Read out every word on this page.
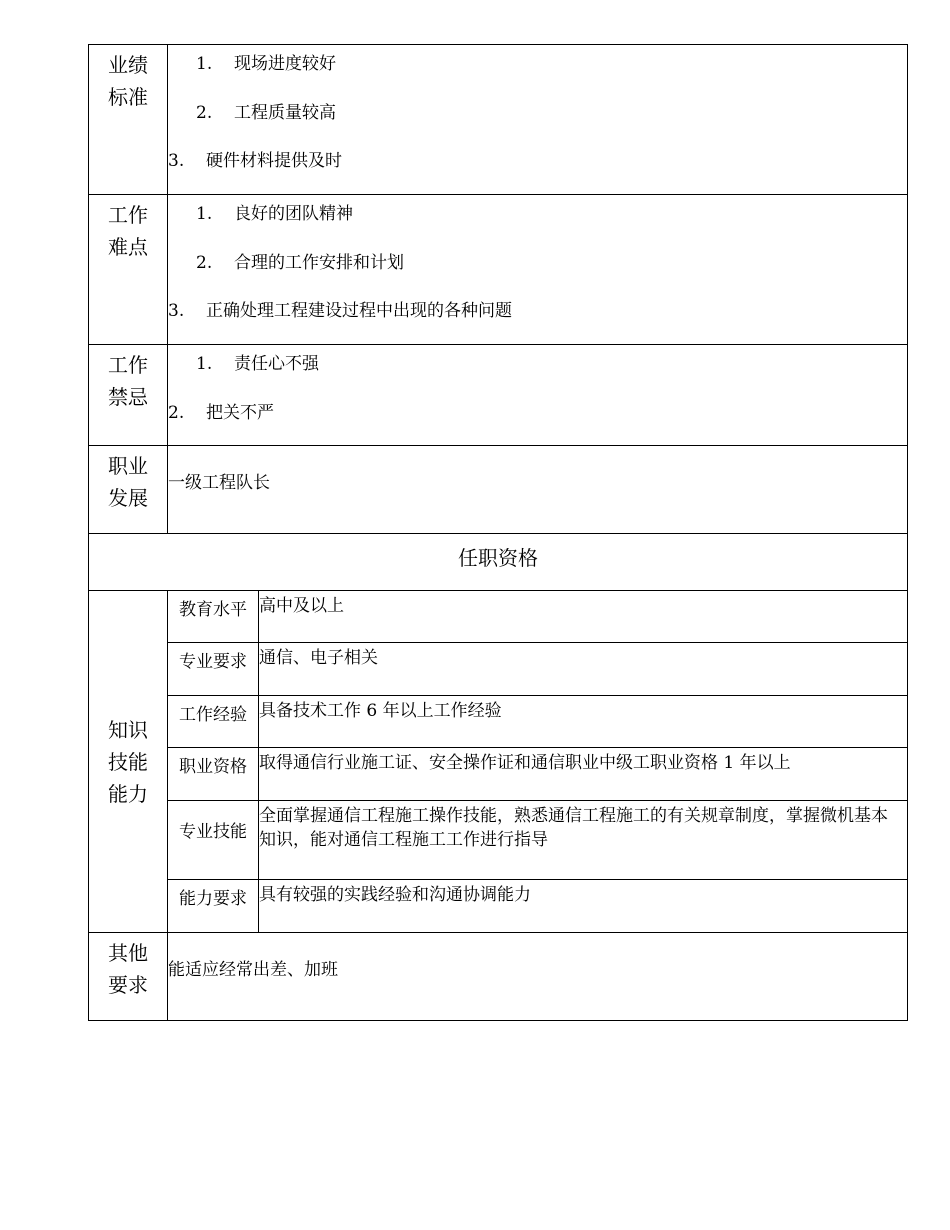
业绩标准	1. 现场进度较好
2. 工程质量较高
3. 硬件材料提供及时	

工作难点	1. 良好的团队精神
2. 合理的工作安排和计划
3. 正确处理工程建设过程中出现的各种问题	

工作禁忌	1. 责任心不强
2. 把关不严	

职业发展	一级工程队长	
任职资格		
知识技能能力	教育水平	高中及以上
	专业要求	通信、电子相关
	工作经验	具备技术工作 6 年以上工作经验
	职业资格	取得通信行业施工证、安全操作证和通信职业中级工职业资格 1 年以上
	专业技能	全面掌握通信工程施工操作技能，熟悉通信工程施工的有关规章制度，掌握微机基本知识，能对通信工程施工工作进行指导
	能力要求	具有较强的实践经验和沟通协调能力
其他要求	能适应经常出差、加班	
